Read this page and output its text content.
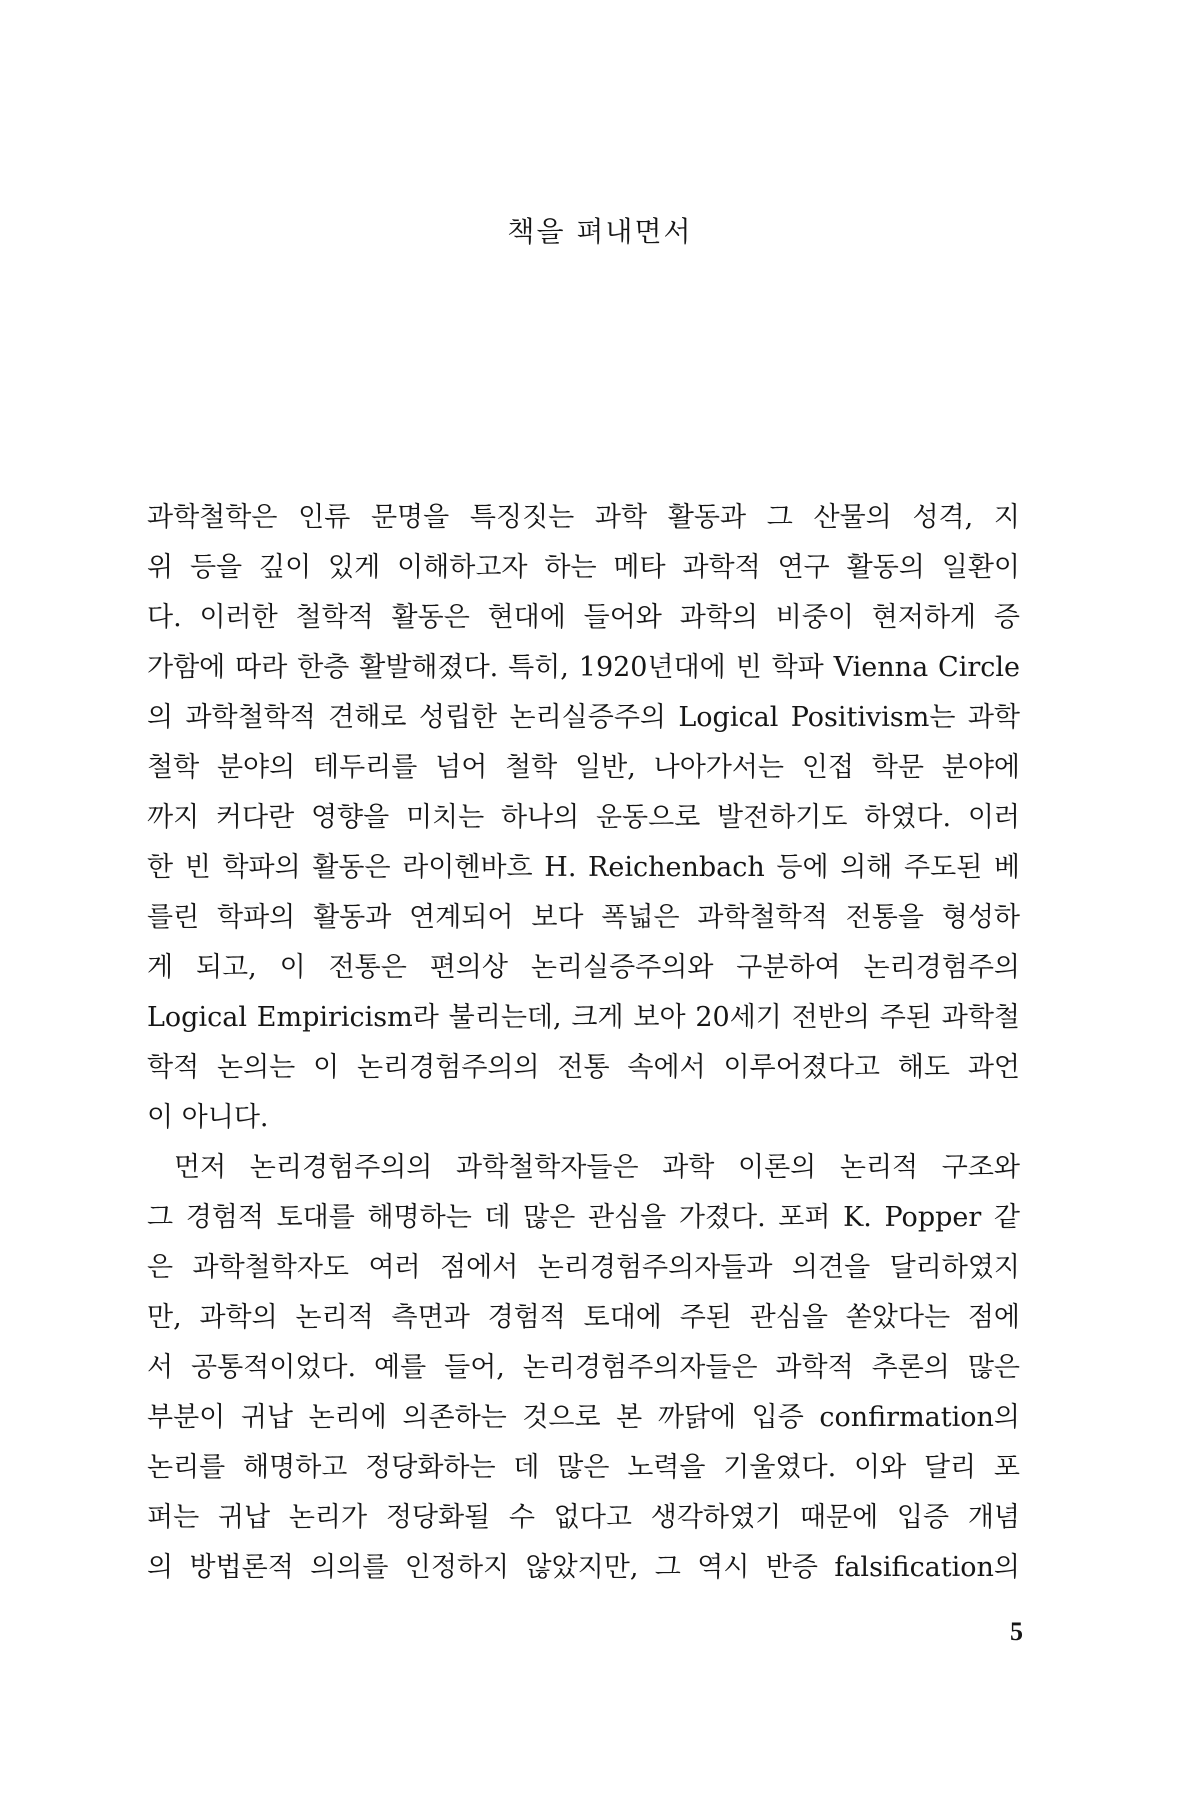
책을 펴내면서
과학철학은 인류 문명을 특징짓는 과학 활동과 그 산물의 성격, 지
위 등을 깊이 있게 이해하고자 하는 메타 과학적 연구 활동의 일환이
다. 이러한 철학적 활동은 현대에 들어와 과학의 비중이 현저하게 증
가함에 따라 한층 활발해졌다. 특히, 1920년대에 빈 학파 Vienna Circle
의 과학철학적 견해로 성립한 논리실증주의 Logical Positivism는 과학
철학 분야의 테두리를 넘어 철학 일반, 나아가서는 인접 학문 분야에
까지 커다란 영향을 미치는 하나의 운동으로 발전하기도 하였다. 이러
한 빈 학파의 활동은 라이헨바흐 H. Reichenbach 등에 의해 주도된 베
를린 학파의 활동과 연계되어 보다 폭넓은 과학철학적 전통을 형성하
게 되고, 이 전통은 편의상 논리실증주의와 구분하여 논리경험주의
Logical Empiricism라 불리는데, 크게 보아 20세기 전반의 주된 과학철
학적 논의는 이 논리경험주의의 전통 속에서 이루어졌다고 해도 과언
이 아니다.
먼저 논리경험주의의 과학철학자들은 과학 이론의 논리적 구조와
그 경험적 토대를 해명하는 데 많은 관심을 가졌다. 포퍼 K. Popper 같
은 과학철학자도 여러 점에서 논리경험주의자들과 의견을 달리하였지
만, 과학의 논리적 측면과 경험적 토대에 주된 관심을 쏟았다는 점에
서 공통적이었다. 예를 들어, 논리경험주의자들은 과학적 추론의 많은
부분이 귀납 논리에 의존하는 것으로 본 까닭에 입증 confirmation의
논리를 해명하고 정당화하는 데 많은 노력을 기울였다. 이와 달리 포
퍼는 귀납 논리가 정당화될 수 없다고 생각하였기 때문에 입증 개념
의 방법론적 의의를 인정하지 않았지만, 그 역시 반증 falsification의
5
